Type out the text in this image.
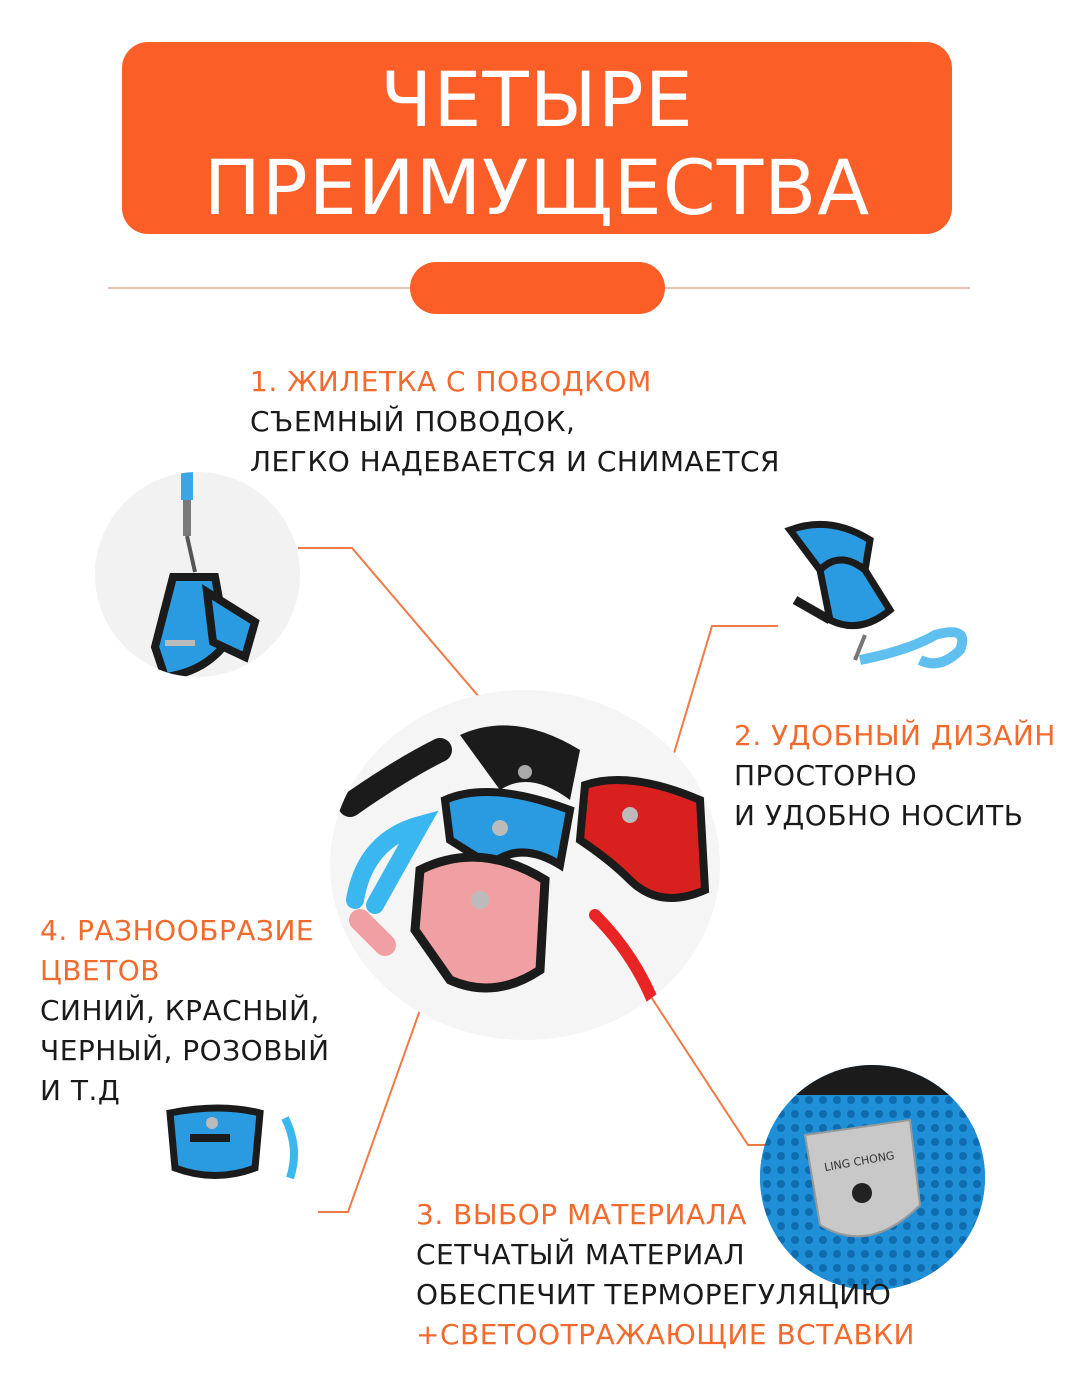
ЧЕТЫРЕ
ПРЕИМУЩЕСТВА
LING CHONG
1. ЖИЛЕТКА С ПОВОДКОМ
СЪЕМНЫЙ ПОВОДОК,
ЛЕГКО НАДЕВАЕТСЯ И СНИМАЕТСЯ
2. УДОБНЫЙ ДИЗАЙН
ПРОСТОРНО
И УДОБНО НОСИТЬ
3. ВЫБОР МАТЕРИАЛА
СЕТЧАТЫЙ МАТЕРИАЛ
ОБЕСПЕЧИТ ТЕРМОРЕГУЛЯЦИЮ
+СВЕТООТРАЖАЮЩИЕ ВСТАВКИ
4. РАЗНООБРАЗИЕ
ЦВЕТОВ
СИНИЙ, КРАСНЫЙ,
ЧЕРНЫЙ, РОЗОВЫЙ
И Т.Д
